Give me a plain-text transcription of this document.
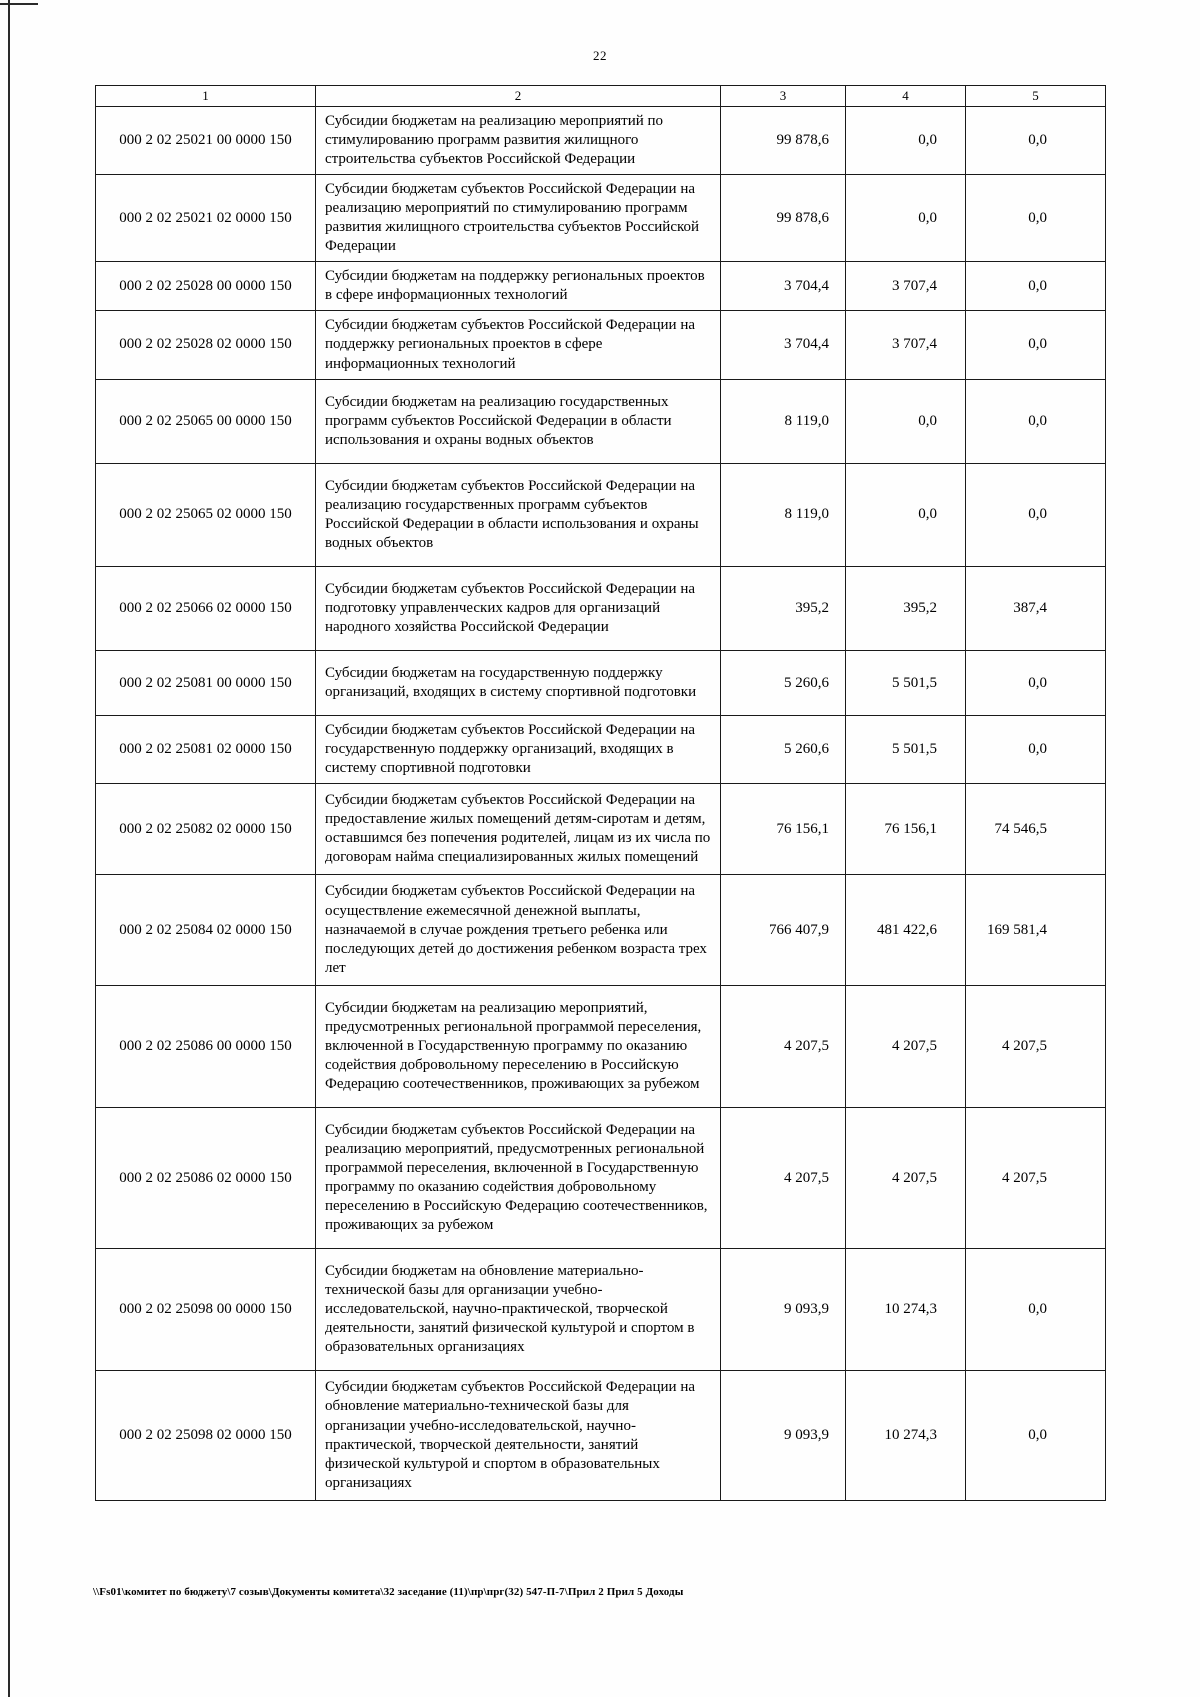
22
1	2	3	4	5
000 2 02 25021 00 0000 150	Субсидии бюджетам на реализацию мероприятий по стимулированию программ развития жилищного строительства субъектов Российской Федерации	99 878,6	0,0	0,0
000 2 02 25021 02 0000 150	Субсидии бюджетам субъектов Российской Федерации на реализацию мероприятий по стимулированию программ развития жилищного строительства субъектов Российской Федерации	99 878,6	0,0	0,0
000 2 02 25028 00 0000 150	Субсидии бюджетам на поддержку региональных проектов в сфере информационных технологий	3 704,4	3 707,4	0,0
000 2 02 25028 02 0000 150	Субсидии бюджетам субъектов Российской Федерации на поддержку региональных проектов в сфере информационных технологий	3 704,4	3 707,4	0,0
000 2 02 25065 00 0000 150	Субсидии бюджетам на реализацию государственных программ субъектов Российской Федерации в области использования и охраны водных объектов	8 119,0	0,0	0,0
000 2 02 25065 02 0000 150	Субсидии бюджетам субъектов Российской Федерации на реализацию государственных программ субъектов Российской Федерации в области использования и охраны водных объектов	8 119,0	0,0	0,0
000 2 02 25066 02 0000 150	Субсидии бюджетам субъектов Российской Федерации на подготовку управленческих кадров для организаций народного хозяйства Российской Федерации	395,2	395,2	387,4
000 2 02 25081 00 0000 150	Субсидии бюджетам на государственную поддержку организаций, входящих в систему спортивной подготовки	5 260,6	5 501,5	0,0
000 2 02 25081 02 0000 150	Субсидии бюджетам субъектов Российской Федерации на государственную поддержку организаций, входящих в систему спортивной подготовки	5 260,6	5 501,5	0,0
000 2 02 25082 02 0000 150	Субсидии бюджетам субъектов Российской Федерации на предоставление жилых помещений детям-сиротам и детям, оставшимся без попечения родителей, лицам из их числа по договорам найма специализированных жилых помещений	76 156,1	76 156,1	74 546,5
000 2 02 25084 02 0000 150	Субсидии бюджетам субъектов Российской Федерации на осуществление ежемесячной денежной выплаты, назначаемой в случае рождения третьего ребенка или последующих детей до достижения ребенком возраста трех лет	766 407,9	481 422,6	169 581,4
000 2 02 25086 00 0000 150	Субсидии бюджетам на реализацию мероприятий, предусмотренных региональной программой переселения, включенной в Государственную программу по оказанию содействия добровольному переселению в Российскую Федерацию соотечественников, проживающих за рубежом	4 207,5	4 207,5	4 207,5
000 2 02 25086 02 0000 150	Субсидии бюджетам субъектов Российской Федерации на реализацию мероприятий, предусмотренных региональной программой переселения, включенной в Государственную программу по оказанию содействия добровольному переселению в Российскую Федерацию соотечественников, проживающих за рубежом	4 207,5	4 207,5	4 207,5
000 2 02 25098 00 0000 150	Субсидии бюджетам на обновление материально-технической базы для организации учебно-исследовательской, научно-практической, творческой деятельности, занятий физической культурой и спортом в образовательных организациях	9 093,9	10 274,3	0,0
000 2 02 25098 02 0000 150	Субсидии бюджетам субъектов Российской Федерации на обновление материально-технической базы для организации учебно-исследовательской, научно-практической, творческой деятельности, занятий физической культурой и спортом в образовательных организациях	9 093,9	10 274,3	0,0
\\Fs01\комитет по бюджету\7 созыв\Документы комитета\32 заседание (11)\пр\прг(32) 547-П-7\Прил 2 Прил 5 Доходы
